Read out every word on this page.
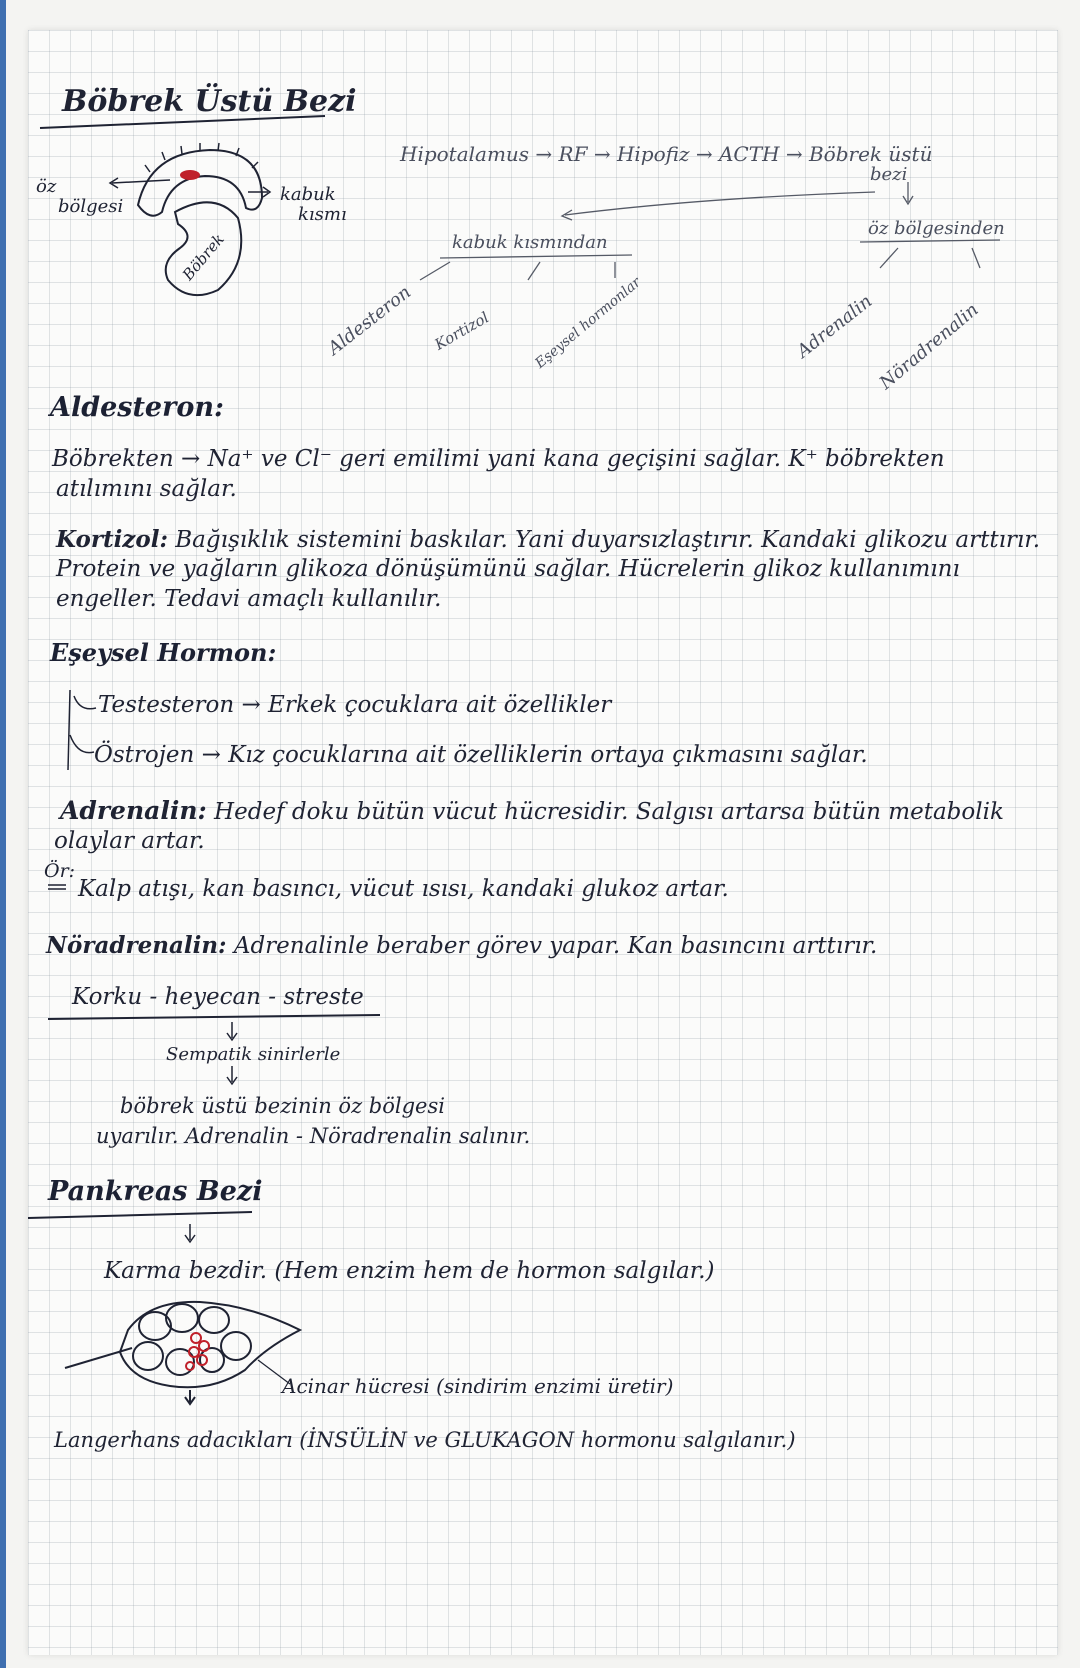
Böbrek Üstü Bezi
öz
bölgesi
kabuk
kısmı
Böbrek
Hipotalamus → RF → Hipofiz → ACTH → Böbrek üstü
bezi
kabuk kısmından
öz bölgesinden
Aldesteron Kortizol	Eşeysel hormonlar	Adrenalin Nöradrenalin
Aldesteron:
Böbrekten → Na⁺ ve Cl⁻ geri emilimi yani kana geçişini sağlar. K⁺ böbrekten
atılımını sağlar.
Kortizol: Bağışıklık sistemini baskılar. Yani duyarsızlaştırır. Kandaki glikozu arttırır.
Protein ve yağların glikoza dönüşümünü sağlar. Hücrelerin glikoz kullanımını
engeller. Tedavi amaçlı kullanılır.
Eşeysel Hormon:
Testesteron → Erkek çocuklara ait özellikler
Östrojen → Kız çocuklarına ait özelliklerin ortaya çıkmasını sağlar.
Adrenalin: Hedef doku bütün vücut hücresidir. Salgısı artarsa bütün metabolik
olaylar artar.
Ör:
Kalp atışı, kan basıncı, vücut ısısı, kandaki glukoz artar.
Nöradrenalin: Adrenalinle beraber görev yapar. Kan basıncını arttırır.
Korku - heyecan - streste
Sempatik sinirlerle
böbrek üstü bezinin öz bölgesi
uyarılır. Adrenalin - Nöradrenalin salınır.
Pankreas Bezi
Karma bezdir. (Hem enzim hem de hormon salgılar.)
Acinar hücresi (sindirim enzimi üretir)
Langerhans adacıkları (İNSÜLİN ve GLUKAGON hormonu salgılanır.)
